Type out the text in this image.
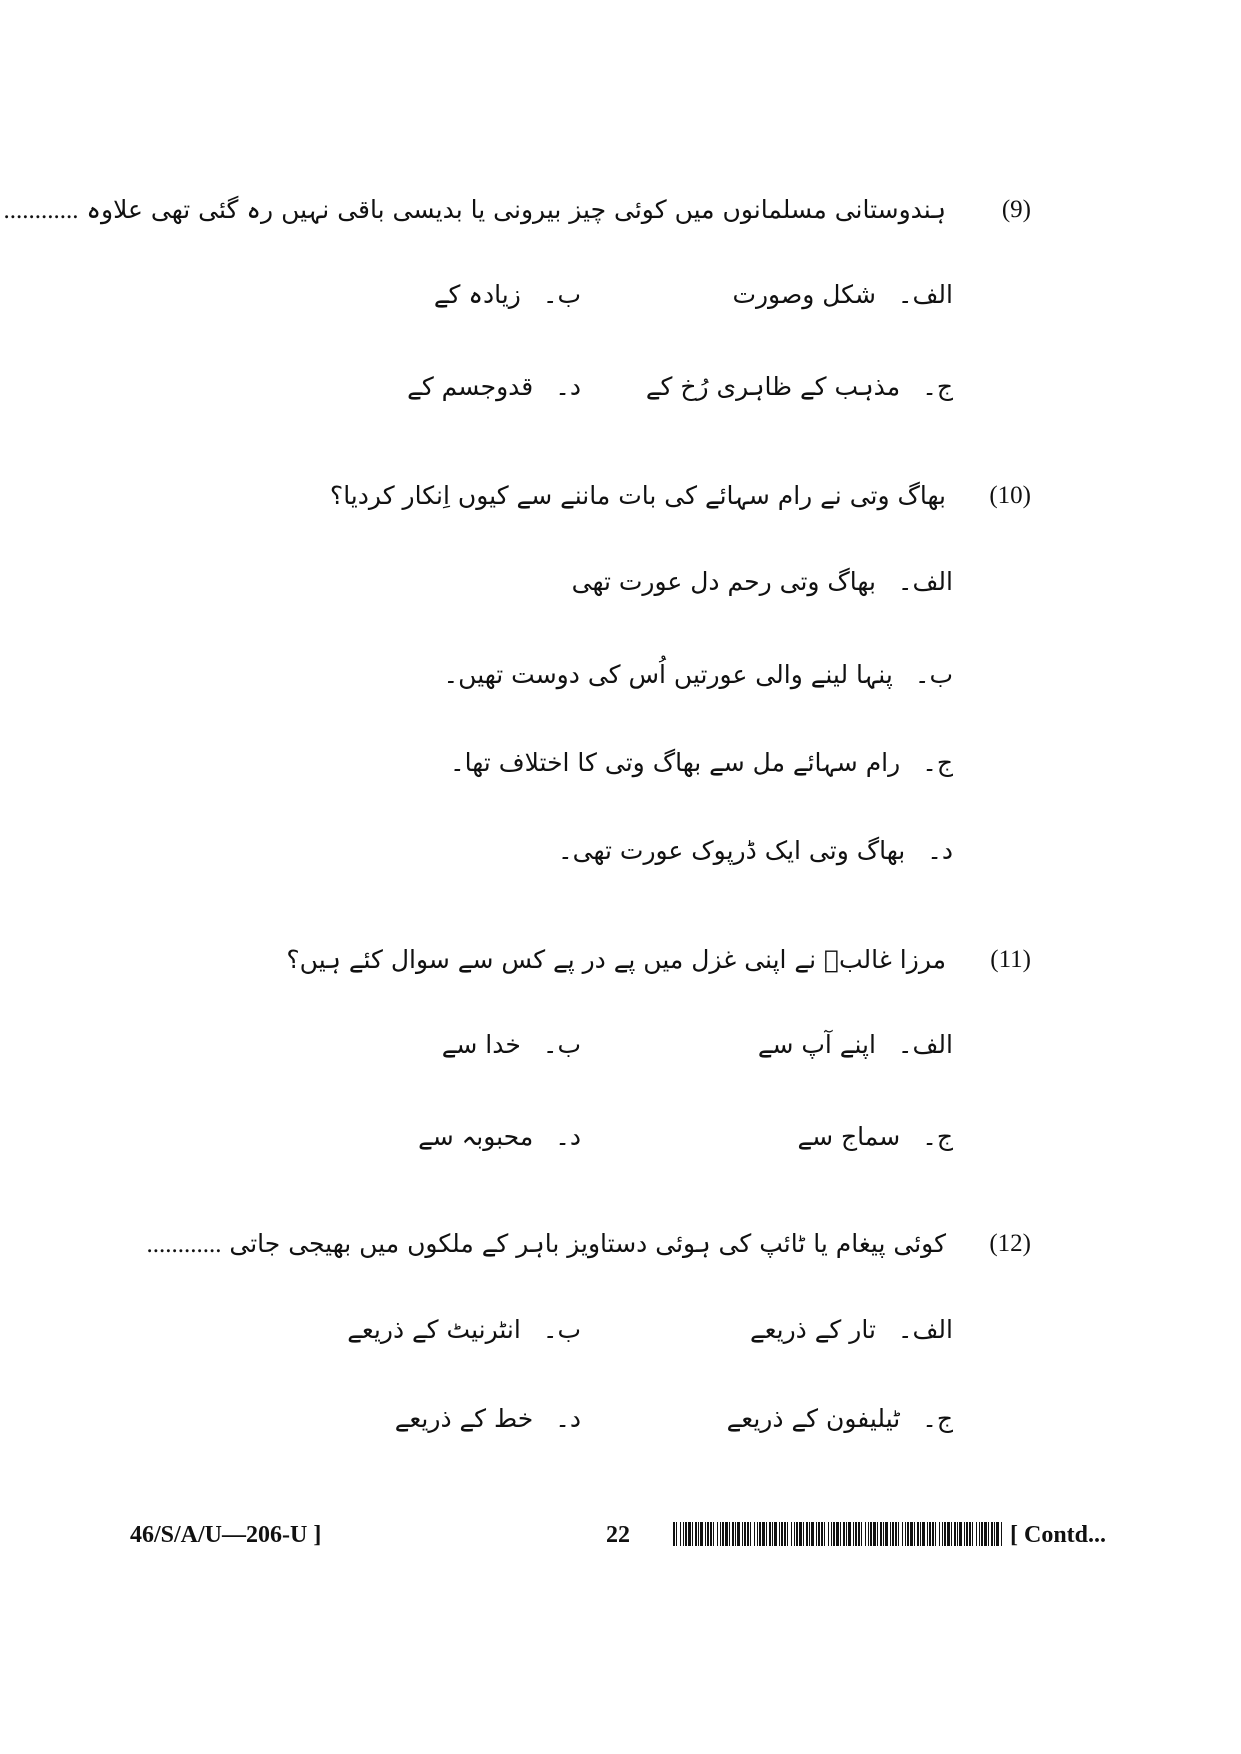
(9)
ہندوستانی مسلمانوں میں کوئی چیز بیرونی یا بدیسی باقی نہیں رہ گئی تھی علاوہ ............
الف۔شکل وصورت
ب۔زیادہ کے
ج۔مذہب کے ظاہری رُخ کے
د۔قدوجسم کے
(10)
بھاگ وتی نے رام سہائے کی بات ماننے سے کیوں اِنکار کردیا؟
الف۔بھاگ وتی رحم دل عورت تھی
ب۔پنہا لینے والی عورتیں اُس کی دوست تھیں۔
ج۔رام سہائے مل سے بھاگ وتی کا اختلاف تھا۔
د۔بھاگ وتی ایک ڈرپوک عورت تھی۔
(11)
مرزا غالبؔ نے اپنی غزل میں پے در پے کس سے سوال کئے ہیں؟
الف۔اپنے آپ سے
ب۔خدا سے
ج۔سماج سے
د۔محبوبہ سے
(12)
کوئی پیغام یا ٹائپ کی ہوئی دستاویز باہر کے ملکوں میں بھیجی جاتی ............
الف۔تار کے ذریعے
ب۔انٹرنیٹ کے ذریعے
ج۔ٹیلیفون کے ذریعے
د۔خط کے ذریعے
46/S/A/U—206-U ]	22	[ Contd...
